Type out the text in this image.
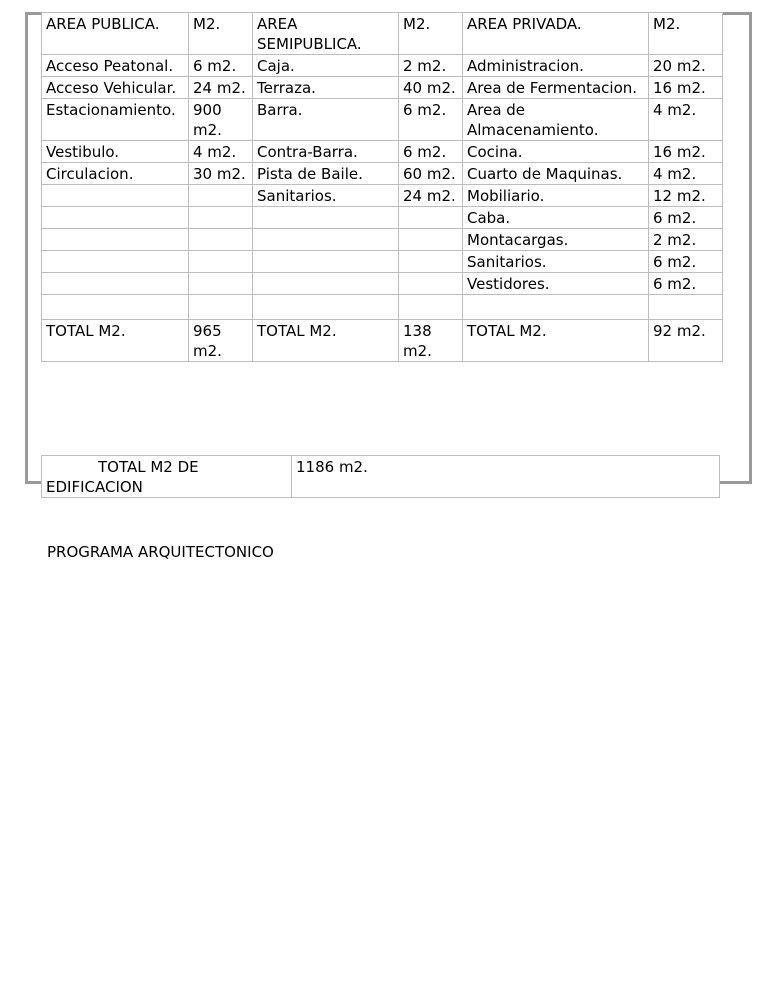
AREA PUBLICA.	M2.	AREA SEMIPUBLICA.	M2.	AREA PRIVADA.	M2.
Acceso Peatonal.	6 m2.	Caja.	2 m2.	Administracion.	20 m2.
Acceso Vehicular.	24 m2.	Terraza.	40 m2.	Area de Fermentacion.	16 m2.
Estacionamiento.	900 m2.	Barra.	6 m2.	Area de Almacenamiento.	4 m2.
Vestibulo.	4 m2.	Contra-Barra.	6 m2.	Cocina.	16 m2.
Circulacion.	30 m2.	Pista de Baile.	60 m2.	Cuarto de Maquinas.	4 m2.
		Sanitarios.	24 m2.	Mobiliario.	12 m2.
				Caba.	6 m2.
				Montacargas.	2 m2.
				Sanitarios.	6 m2.
				Vestidores.	6 m2.

TOTAL M2.	965 m2.	TOTAL M2.	138 m2.	TOTAL M2.	92 m2.
TOTAL M2 DE EDIFICACION	1186 m2.
PROGRAMA ARQUITECTONICO
